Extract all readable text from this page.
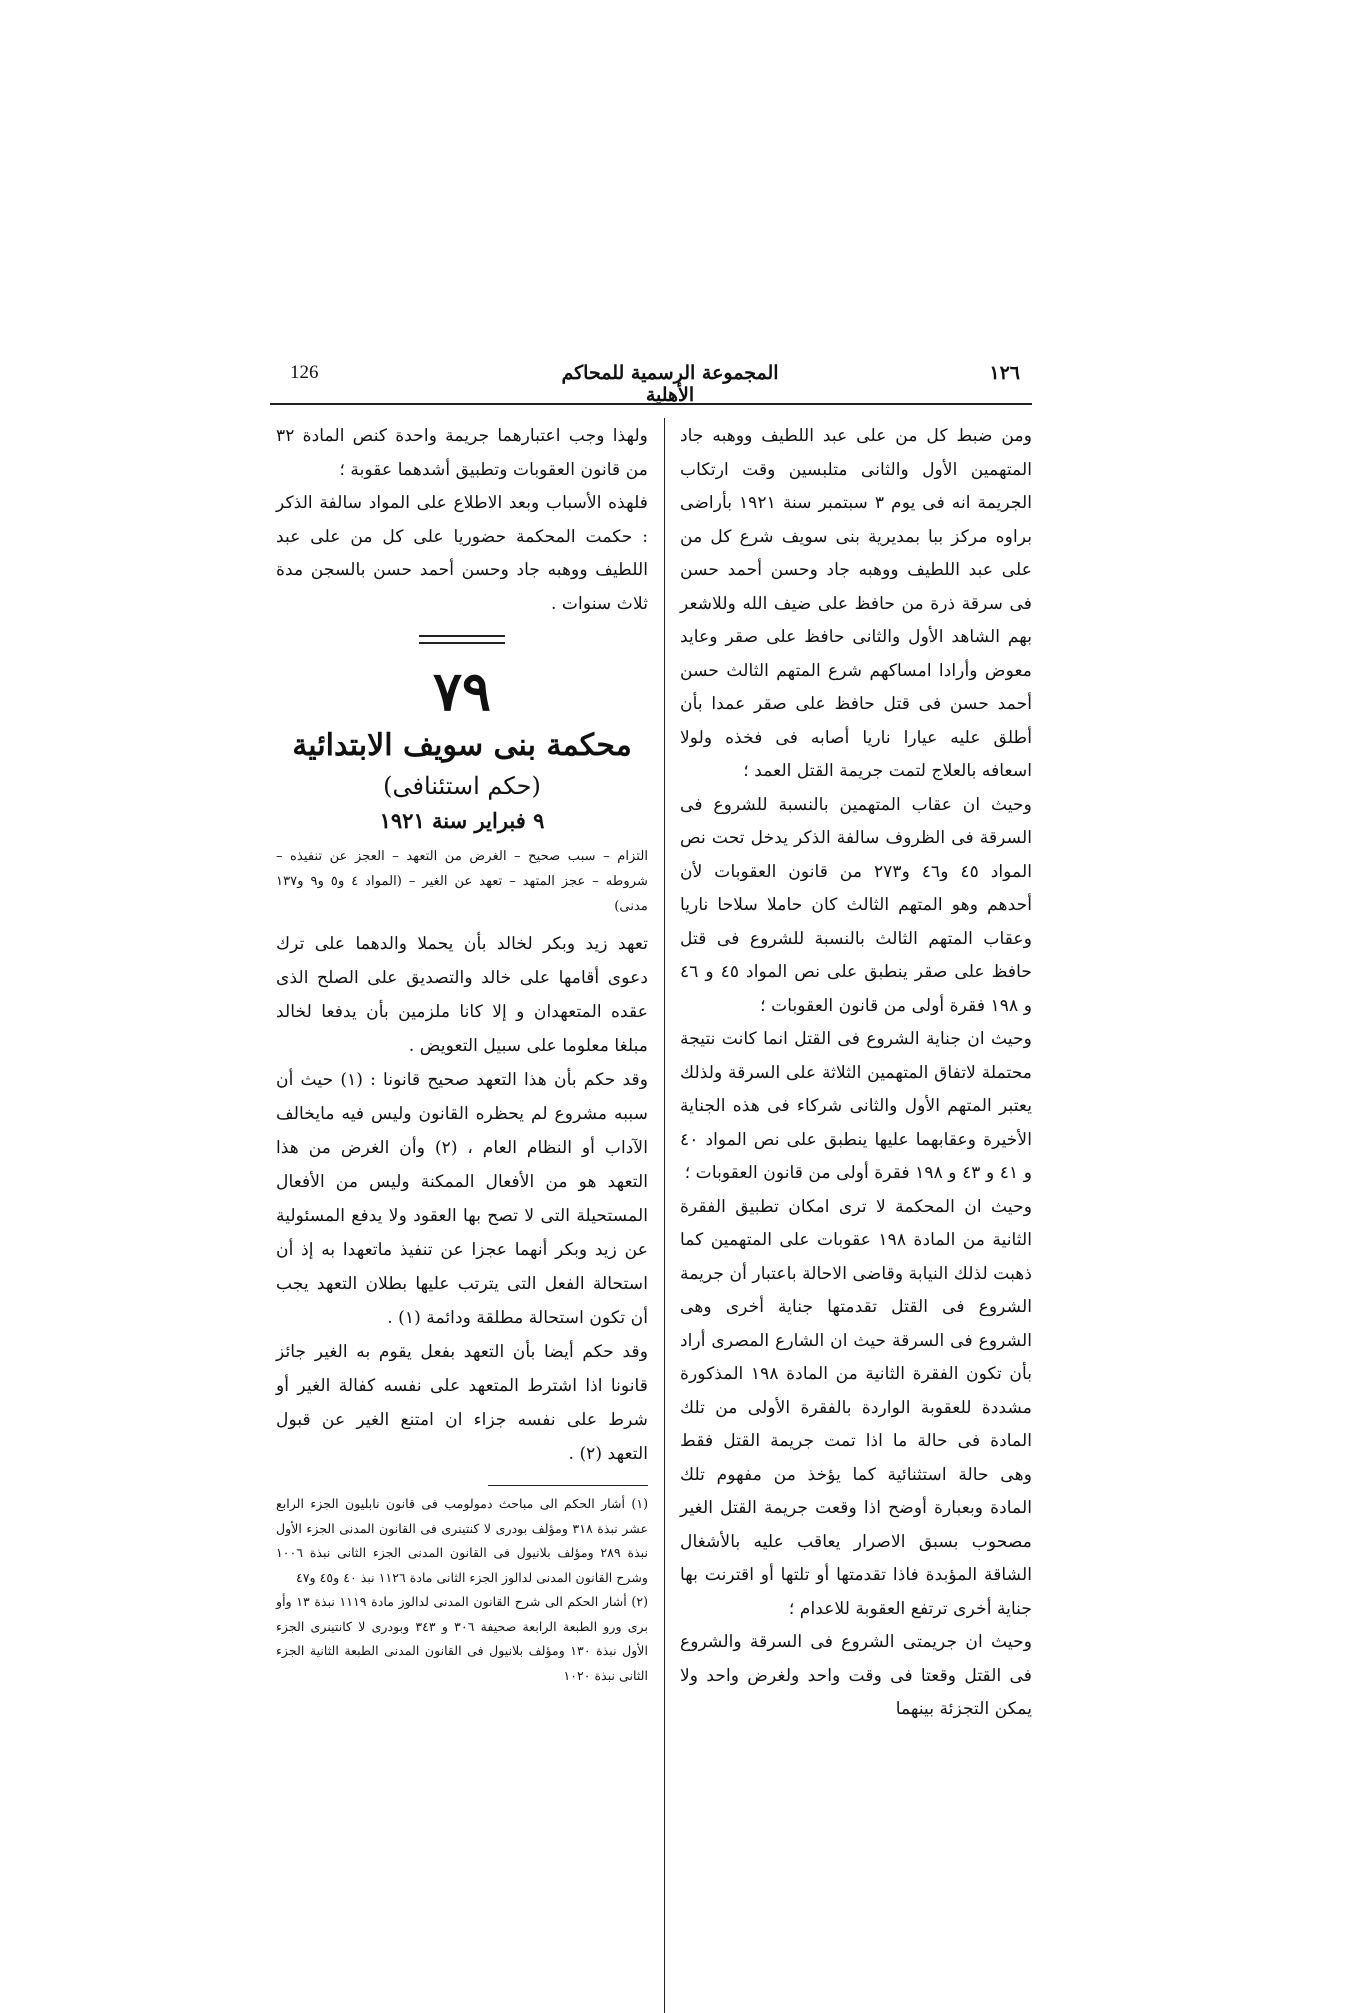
126	المجموعة الرسمية للمحاكم الأهلية
١٢٦

ومن ضبط كل من على عبد اللطيف ووهبه جاد المتهمين الأول والثانى متلبسين وقت ارتكاب الجريمة انه فى يوم ٣ سبتمبر سنة ١٩٢١ بأراضى براوه مركز ببا بمديرية بنى سويف شرع كل من على عبد اللطيف ووهبه جاد وحسن أحمد حسن فى سرقة ذرة من حافظ على ضيف الله وللاشعر بهم الشاهد الأول والثانى حافظ على صقر وعايد معوض وأرادا امساكهم شرع المتهم الثالث حسن أحمد حسن فى قتل حافظ على صقر عمدا بأن أطلق عليه عيارا ناريا أصابه فى فخذه ولولا اسعافه بالعلاج لتمت جريمة القتل العمد ؛

وحيث ان عقاب المتهمين بالنسبة للشروع فى السرقة فى الظروف سالفة الذكر يدخل تحت نص المواد ٤٥ و٤٦ و٢٧٣ من قانون العقوبات لأن أحدهم وهو المتهم الثالث كان حاملا سلاحا ناريا وعقاب المتهم الثالث بالنسبة للشروع فى قتل حافظ على صقر ينطبق على نص المواد ٤٥ و ٤٦ و ١٩٨ فقرة أولى من قانون العقوبات ؛

وحيث ان جناية الشروع فى القتل انما كانت نتيجة محتملة لاتفاق المتهمين الثلاثة على السرقة ولذلك يعتبر المتهم الأول والثانى شركاء فى هذه الجناية الأخيرة وعقابهما عليها ينطبق على نص المواد ٤٠ و ٤١ و ٤٣ و ١٩٨ فقرة أولى من قانون العقوبات ؛

وحيث ان المحكمة لا ترى امكان تطبيق الفقرة الثانية من المادة ١٩٨ عقوبات على المتهمين كما ذهبت لذلك النيابة وقاضى الاحالة باعتبار أن جريمة الشروع فى القتل تقدمتها جناية أخرى وهى الشروع فى السرقة حيث ان الشارع المصرى أراد بأن تكون الفقرة الثانية من المادة ١٩٨ المذكورة مشددة للعقوبة الواردة بالفقرة الأولى من تلك المادة فى حالة ما اذا تمت جريمة القتل فقط وهى حالة استثنائية كما يؤخذ من مفهوم تلك المادة وبعبارة أوضح اذا وقعت جريمة القتل الغير مصحوب بسبق الاصرار يعاقب عليه بالأشغال الشاقة المؤبدة فاذا تقدمتها أو تلتها أو اقترنت بها جناية أخرى ترتفع العقوبة للاعدام ؛

وحيث ان جريمتى الشروع فى السرقة والشروع فى القتل وقعتا فى وقت واحد ولغرض واحد ولا يمكن التجزئة بينهما

ولهذا وجب اعتبارهما جريمة واحدة كنص المادة ٣٢ من قانون العقوبات وتطبيق أشدهما عقوبة ؛

فلهذه الأسباب وبعد الاطلاع على المواد سالفة الذكر : حكمت المحكمة حضوريا على كل من على عبد اللطيف ووهبه جاد وحسن أحمد حسن بالسجن مدة ثلاث سنوات .

٧٩
محكمة بنى سويف الابتدائية
(حكم استئنافى)
٩ فبراير سنة ١٩٢١

التزام – سبب صحيح – الغرض من التعهد – العجز عن تنفيذه – شروطه – عجز المتهد – تعهد عن الغير – (المواد ٤ و٥ و٩ و١٣٧ مدنى)

تعهد زيد وبكر لخالد بأن يحملا والدهما على ترك دعوى أقامها على خالد والتصديق على الصلح الذى عقده المتعهدان و إلا كانا ملزمين بأن يدفعا لخالد مبلغا معلوما على سبيل التعويض .

وقد حكم بأن هذا التعهد صحيح قانونا : (١) حيث أن سببه مشروع لم يحظره القانون وليس فيه مايخالف الآداب أو النظام العام ، (٢) وأن الغرض من هذا التعهد هو من الأفعال الممكنة وليس من الأفعال المستحيلة التى لا تصح بها العقود ولا يدفع المسئولية عن زيد وبكر أنهما عجزا عن تنفيذ ماتعهدا به إذ أن استحالة الفعل التى يترتب عليها بطلان التعهد يجب أن تكون استحالة مطلقة ودائمة (١) .

وقد حكم أيضا بأن التعهد بفعل يقوم به الغير جائز قانونا اذا اشترط المتعهد على نفسه كفالة الغير أو شرط على نفسه جزاء ان امتنع الغير عن قبول التعهد (٢) .

(١) أشار الحكم الى مباحث دمولومب فى قانون نابليون الجزء الرابع عشر نبذة ٣١٨ ومؤلف بودرى لا كنتينرى فى القانون المدنى الجزء الأول نبذة ٢٨٩ ومؤلف بلانيول فى القانون المدنى الجزء الثانى نبذة ١٠٠٦ وشرح القانون المدنى لدالوز الجزء الثانى مادة ١١٢٦ نبذ ٤٠ و٤٥ و٤٧

(٢) أشار الحكم الى شرح القانون المدنى لدالوز مادة ١١١٩ نبذة ١٣ وأو برى ورو الطبعة الرابعة صحيفة ٣٠٦ و ٣٤٣ وبودرى لا كانتينرى الجزء الأول نبذة ١٣٠ ومؤلف بلانيول فى القانون المدنى الطبعة الثانية الجزء الثانى نبذة ١٠٢٠
